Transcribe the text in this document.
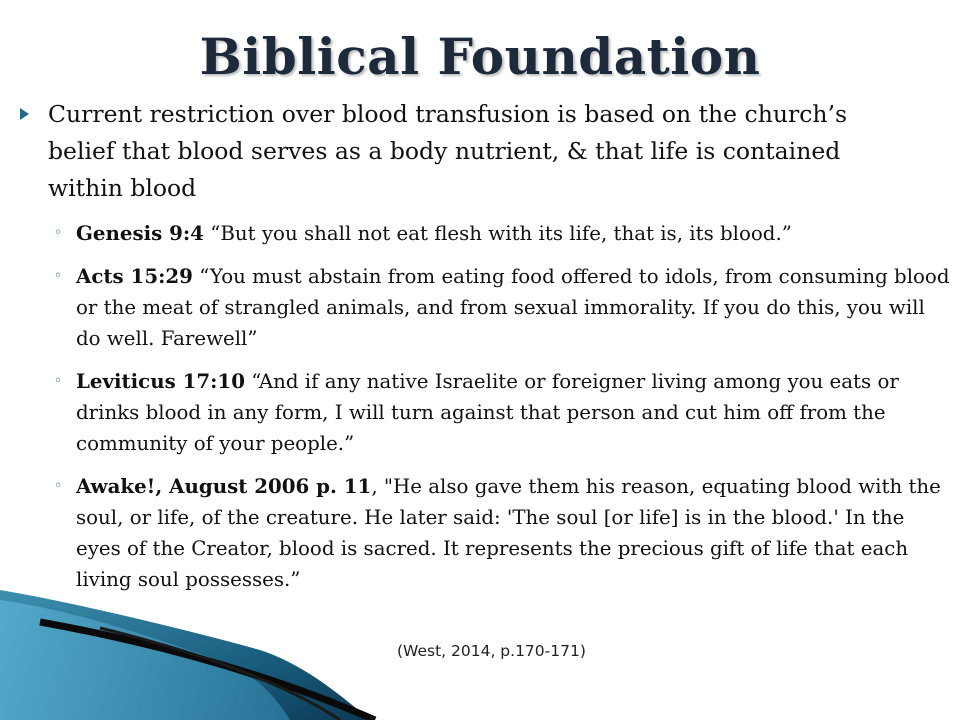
Biblical Foundation
Current restriction over blood transfusion is based on the church’s belief that blood serves as a body nutrient, & that life is contained within blood
◦ Genesis 9:4 “But you shall not eat flesh with its life, that is, its blood.”
◦ Acts 15:29 “You must abstain from eating food offered to idols, from consuming blood or the meat of strangled animals, and from sexual immorality. If you do this, you will do well. Farewell”
◦ Leviticus 17:10 “And if any native Israelite or foreigner living among you eats or drinks blood in any form, I will turn against that person and cut him off from the community of your people.”
◦ Awake!, August 2006 p. 11, "He also gave them his reason, equating blood with the soul, or life, of the creature. He later said: 'The soul [or life] is in the blood.' In the eyes of the Creator, blood is sacred. It represents the precious gift of life that each living soul possesses.”
(West, 2014, p.170-171)
